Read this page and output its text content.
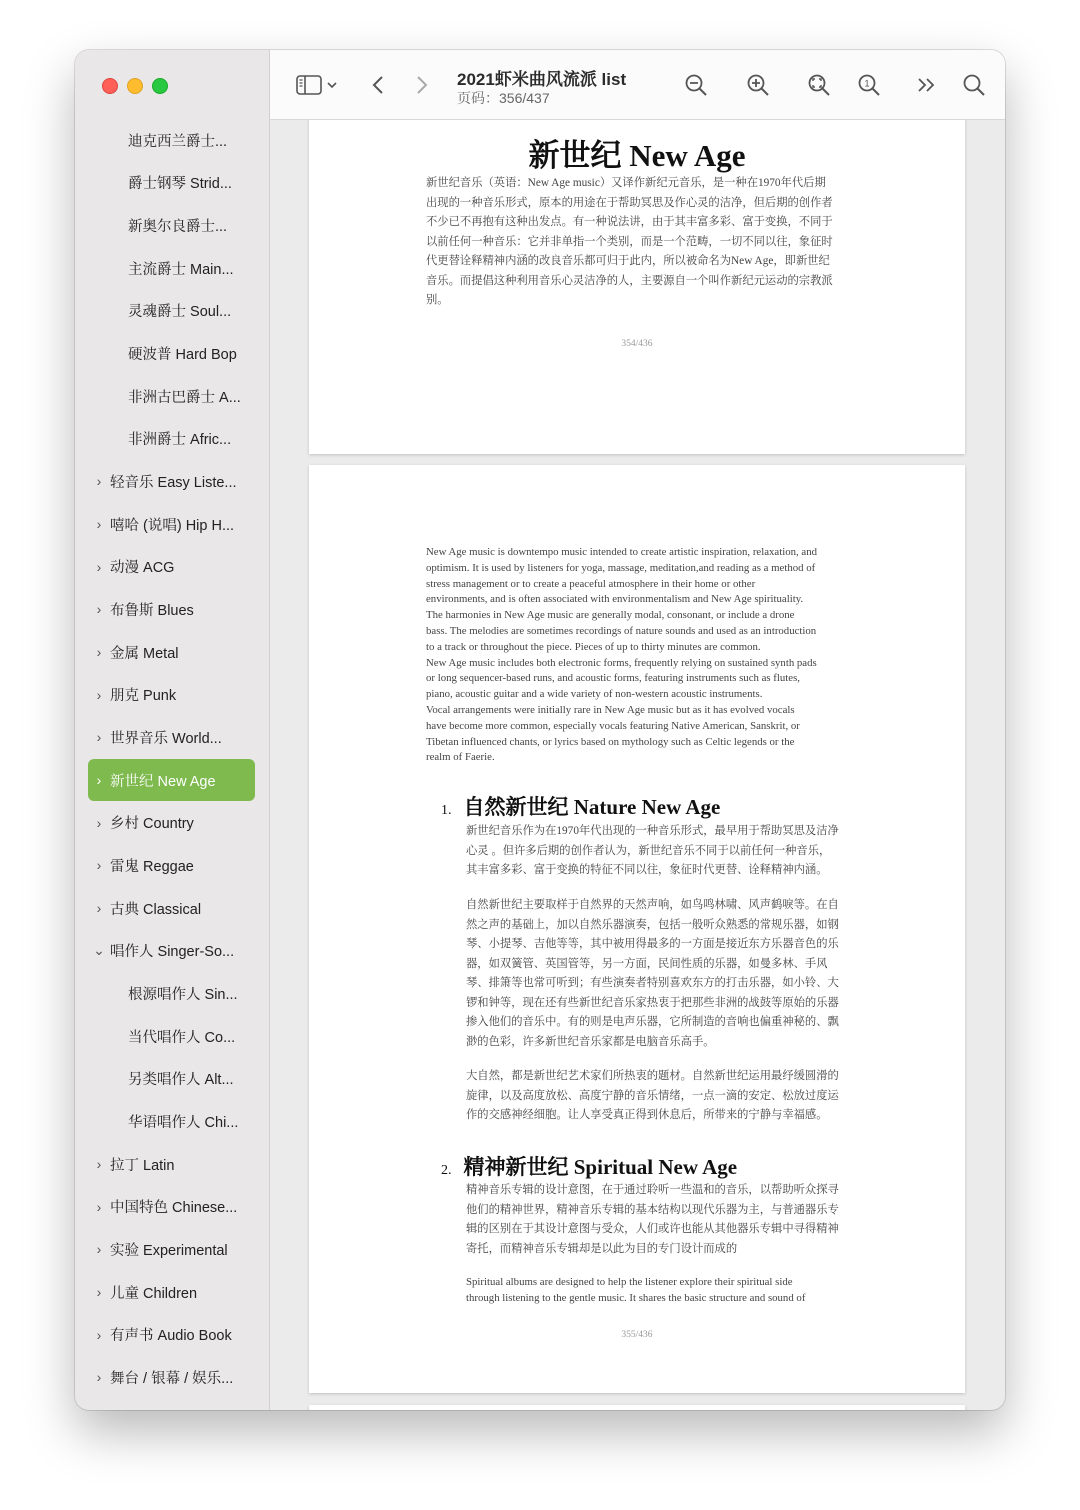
迪克西兰爵士...
爵士钢琴 Strid...
新奥尔良爵士...
主流爵士 Main...
灵魂爵士 Soul...
硬波普 Hard Bop
非洲古巴爵士 A...
非洲爵士 Afric...
› 轻音乐 Easy Liste...
› 嘻哈 (说唱) Hip H...
› 动漫 ACG
› 布鲁斯 Blues
› 金属 Metal
› 朋克 Punk
› 世界音乐 World...
› 新世纪 New Age
› 乡村 Country
› 雷鬼 Reggae
› 古典 Classical
⌄ 唱作人 Singer-So...
根源唱作人 Sin...
当代唱作人 Co...
另类唱作人 Alt...
华语唱作人 Chi...
› 拉丁 Latin
› 中国特色 Chinese...
› 实验 Experimental
› 儿童 Children
› 有声书 Audio Book
› 舞台 / 银幕 / 娱乐...
2021虾米曲风流派 list
页码：356/437
1
新世纪 New Age
新世纪音乐（英语：New Age music）又译作新纪元音乐，是一种在1970年代后期
出现的一种音乐形式，原本的用途在于帮助冥思及作心灵的洁净，但后期的创作者
不少已不再抱有这种出发点。有一种说法讲，由于其丰富多彩、富于变换，不同于
以前任何一种音乐：它并非单指一个类别，而是一个范畴，一切不同以往，象征时
代更替诠释精神内涵的改良音乐都可归于此内，所以被命名为New Age，即新世纪
音乐。而提倡这种利用音乐心灵洁净的人，主要源自一个叫作新纪元运动的宗教派
别。
354/436
New Age music is downtempo music intended to create artistic inspiration, relaxation, and
optimism. It is used by listeners for yoga, massage, meditation,and reading as a method of
stress management or to create a peaceful atmosphere in their home or other
environments, and is often associated with environmentalism and New Age spirituality.
The harmonies in New Age music are generally modal, consonant, or include a drone
bass. The melodies are sometimes recordings of nature sounds and used as an introduction
to a track or throughout the piece. Pieces of up to thirty minutes are common.
New Age music includes both electronic forms, frequently relying on sustained synth pads
or long sequencer-based runs, and acoustic forms, featuring instruments such as flutes,
piano, acoustic guitar and a wide variety of non-western acoustic instruments.
Vocal arrangements were initially rare in New Age music but as it has evolved vocals
have become more common, especially vocals featuring Native American, Sanskrit, or
Tibetan influenced chants, or lyrics based on mythology such as Celtic legends or the
realm of Faerie.
1. 自然新世纪 Nature New Age
新世纪音乐作为在1970年代出现的一种音乐形式，最早用于帮助冥思及洁净
心灵 。但许多后期的创作者认为，新世纪音乐不同于以前任何一种音乐，
其丰富多彩、富于变换的特征不同以往，象征时代更替、诠释精神内涵。
自然新世纪主要取样于自然界的天然声响，如鸟鸣林啸、风声鹤唳等。在自
然之声的基础上，加以自然乐器演奏，包括一般听众熟悉的常规乐器，如钢
琴、小提琴、吉他等等，其中被用得最多的一方面是接近东方乐器音色的乐
器，如双簧管、英国管等，另一方面，民间性质的乐器，如曼多林、手风
琴、排箫等也常可听到；有些演奏者特别喜欢东方的打击乐器，如小铃、大
锣和钟等，现在还有些新世纪音乐家热衷于把那些非洲的战鼓等原始的乐器
掺入他们的音乐中。有的则是电声乐器，它所制造的音响也偏重神秘的、飘
渺的色彩，许多新世纪音乐家都是电脑音乐高手。
大自然，都是新世纪艺术家们所热衷的题材。自然新世纪运用最纾缓圆滑的
旋律，以及高度放松、高度宁静的音乐情绪，一点一滴的安定、松放过度运
作的交感神经细胞。让人享受真正得到休息后，所带来的宁静与幸福感。
2. 精神新世纪 Spiritual New Age
精神音乐专辑的设计意图，在于通过聆听一些温和的音乐，以帮助听众探寻
他们的精神世界，精神音乐专辑的基本结构以现代乐器为主，与普通器乐专
辑的区别在于其设计意图与受众，人们或许也能从其他器乐专辑中寻得精神
寄托，而精神音乐专辑却是以此为目的专门设计而成的
Spiritual albums are designed to help the listener explore their spiritual side
through listening to the gentle music. It shares the basic structure and sound of
355/436
